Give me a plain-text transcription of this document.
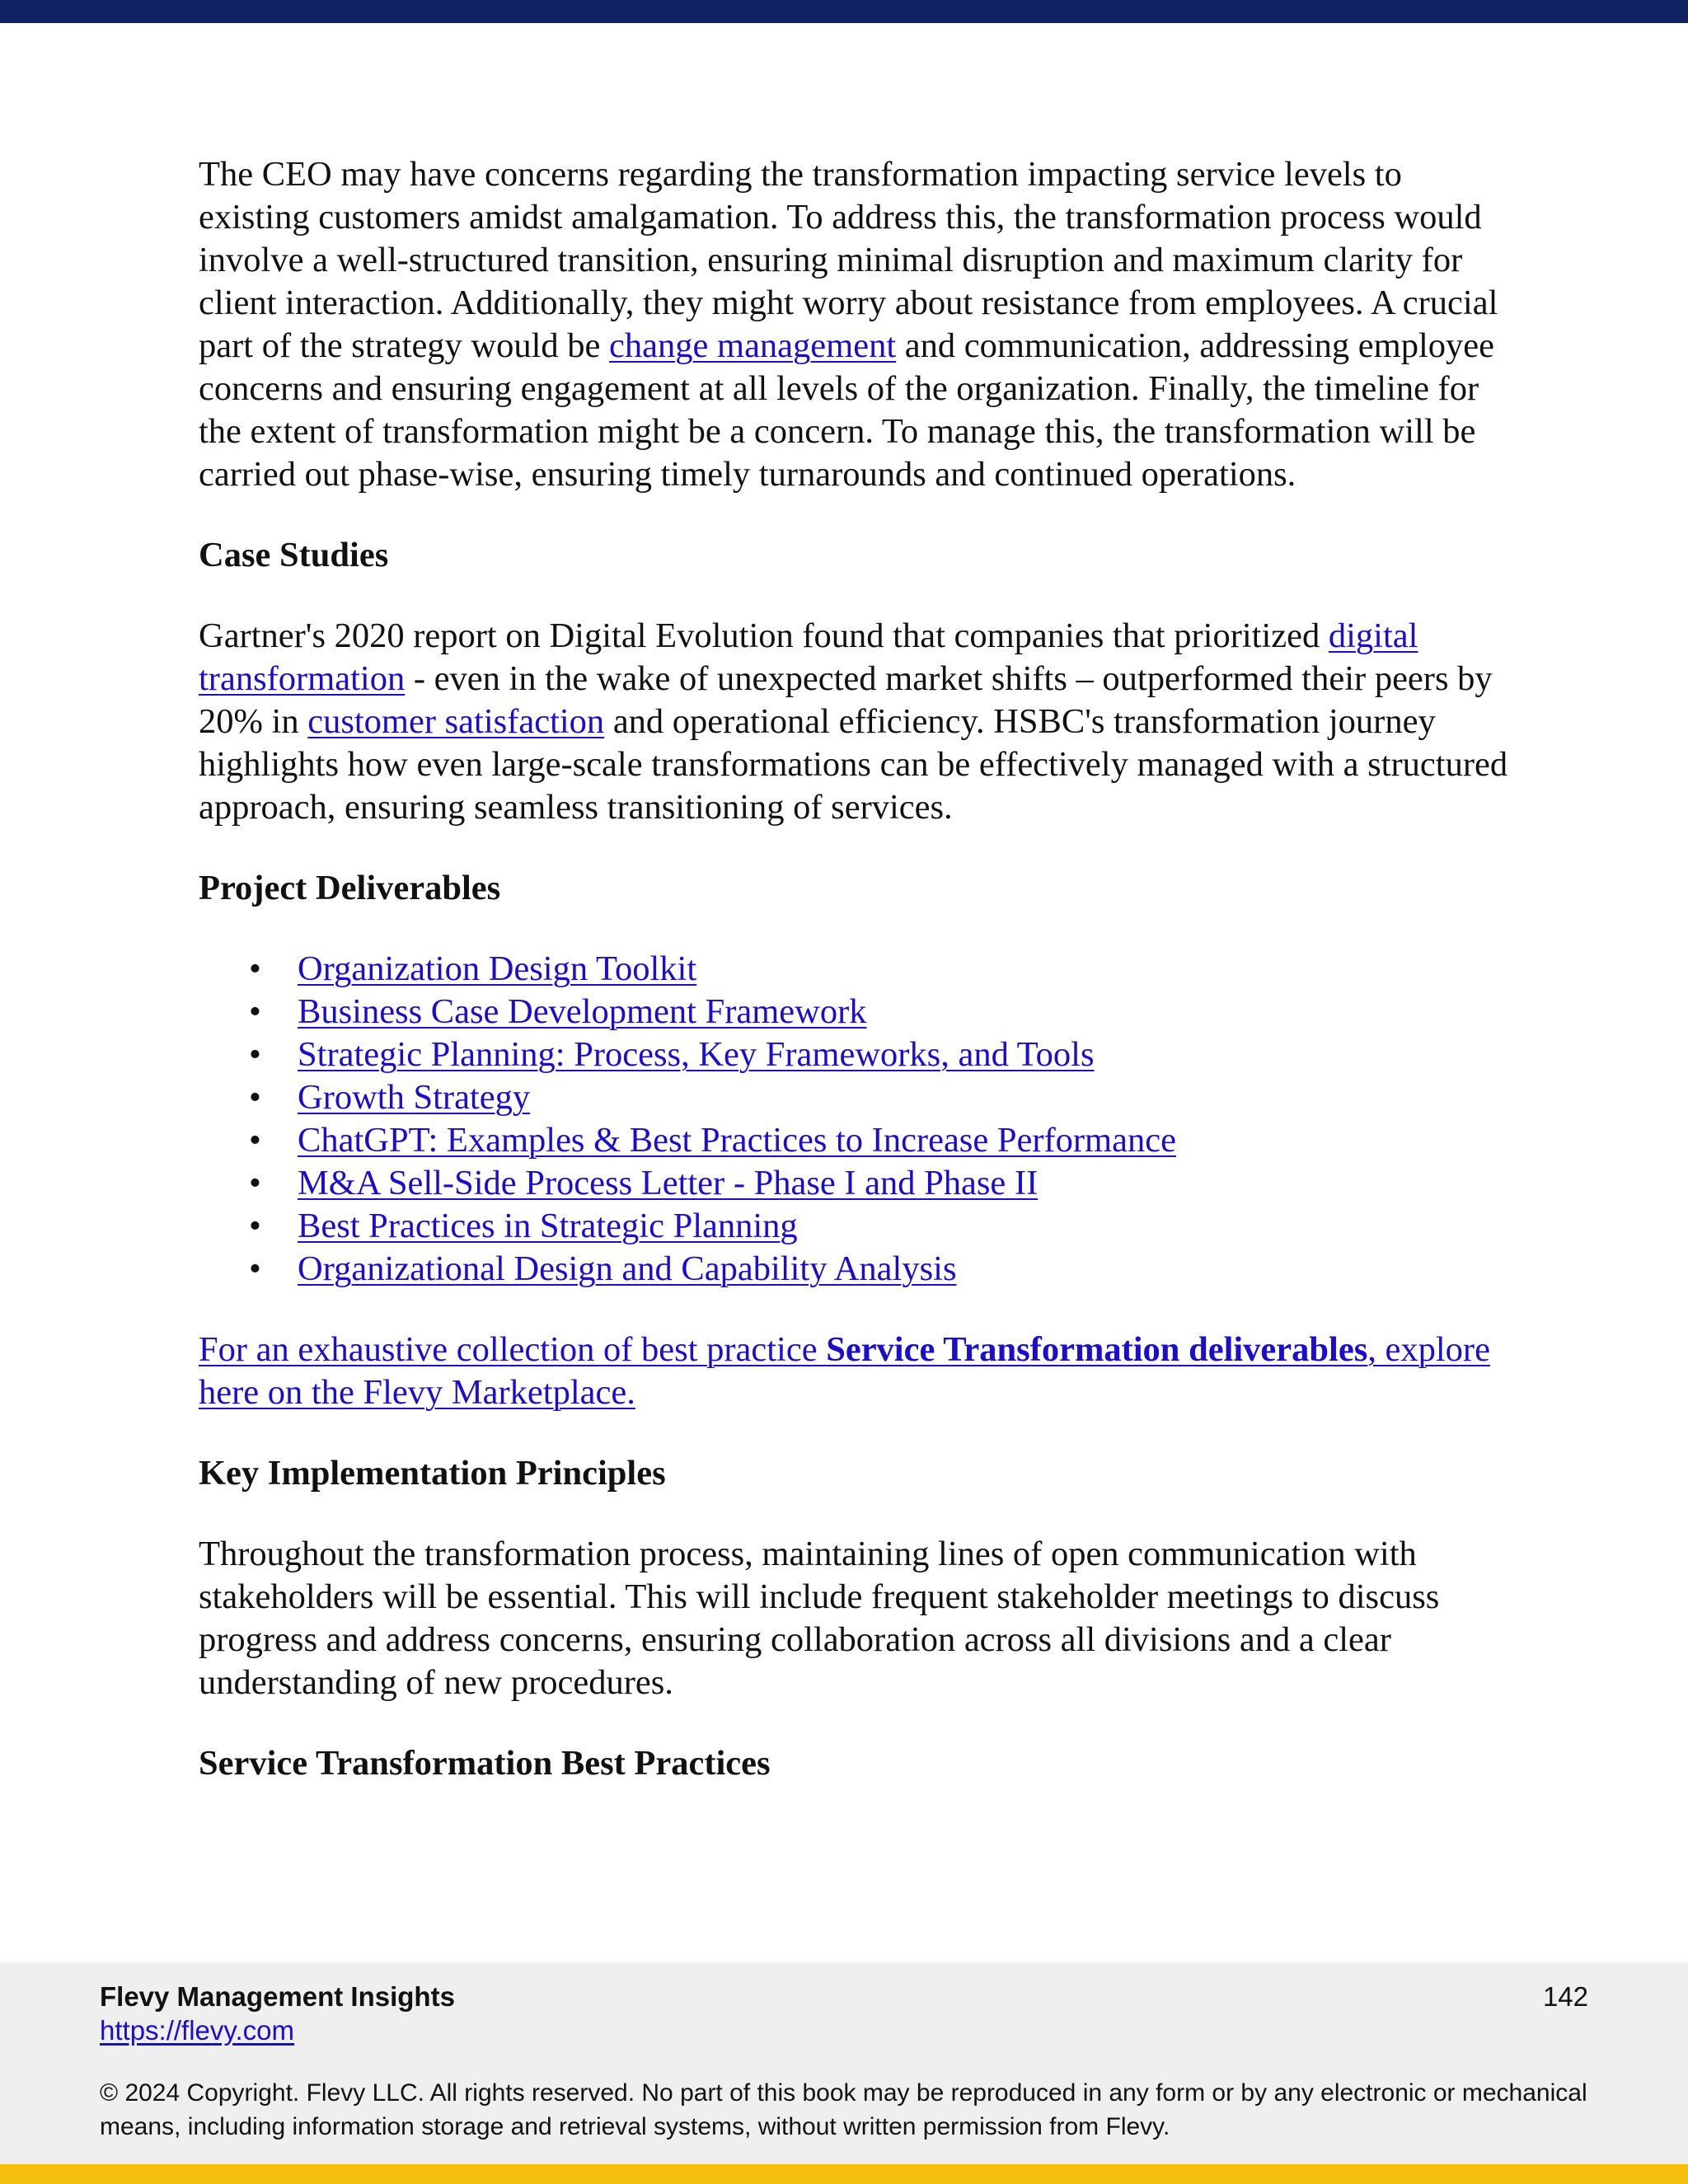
The CEO may have concerns regarding the transformation impacting service levels to existing customers amidst amalgamation. To address this, the transformation process would involve a well-structured transition, ensuring minimal disruption and maximum clarity for client interaction. Additionally, they might worry about resistance from employees. A crucial part of the strategy would be change management and communication, addressing employee concerns and ensuring engagement at all levels of the organization. Finally, the timeline for the extent of transformation might be a concern. To manage this, the transformation will be carried out phase-wise, ensuring timely turnarounds and continued operations.

Case Studies

Gartner's 2020 report on Digital Evolution found that companies that prioritized digital transformation - even in the wake of unexpected market shifts – outperformed their peers by 20% in customer satisfaction and operational efficiency. HSBC's transformation journey highlights how even large-scale transformations can be effectively managed with a structured approach, ensuring seamless transitioning of services.

Project Deliverables

• Organization Design Toolkit
• Business Case Development Framework
• Strategic Planning: Process, Key Frameworks, and Tools
• Growth Strategy
• ChatGPT: Examples & Best Practices to Increase Performance
• M&A Sell-Side Process Letter - Phase I and Phase II
• Best Practices in Strategic Planning
• Organizational Design and Capability Analysis

For an exhaustive collection of best practice Service Transformation deliverables, explore here on the Flevy Marketplace.

Key Implementation Principles

Throughout the transformation process, maintaining lines of open communication with stakeholders will be essential. This will include frequent stakeholder meetings to discuss progress and address concerns, ensuring collaboration across all divisions and a clear understanding of new procedures.

Service Transformation Best Practices

Flevy Management Insights
https://flevy.com
142
© 2024 Copyright. Flevy LLC. All rights reserved. No part of this book may be reproduced in any form or by any electronic or mechanical means, including information storage and retrieval systems, without written permission from Flevy.
